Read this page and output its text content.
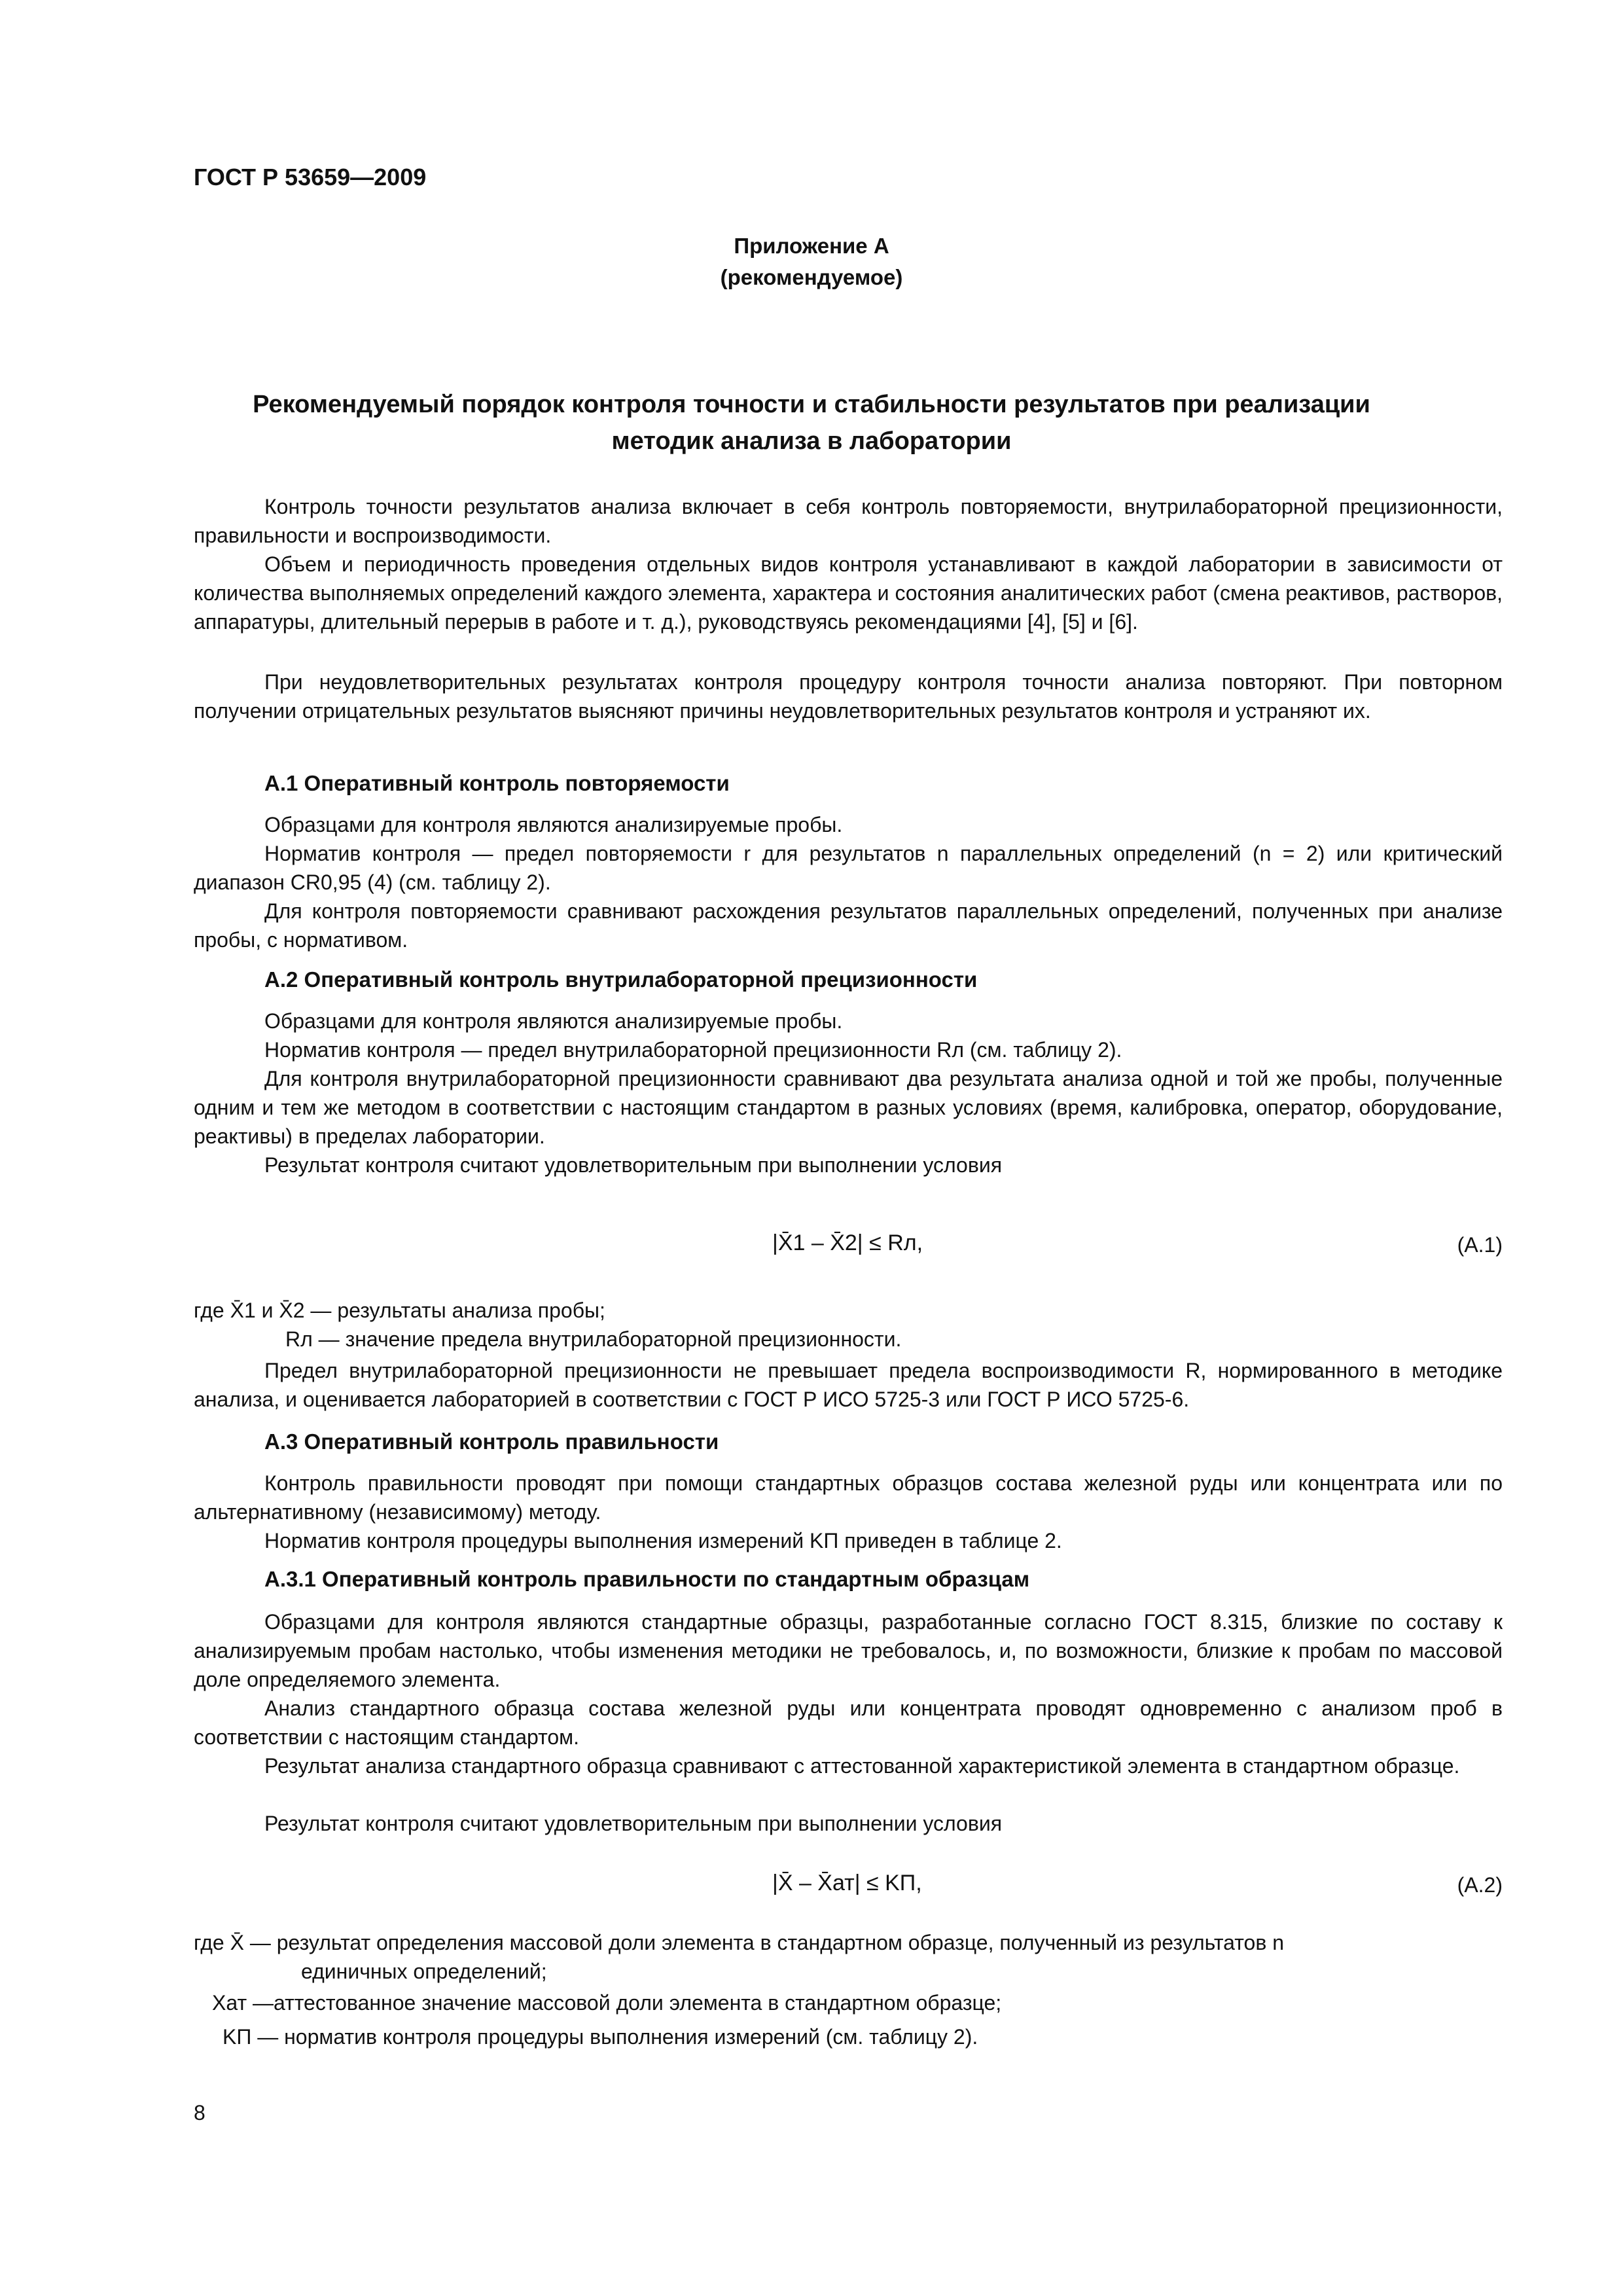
ГОСТ Р 53659—2009
Приложение А
(рекомендуемое)
Рекомендуемый порядок контроля точности и стабильности результатов при реализации
методик анализа в лаборатории

Контроль точности результатов анализа включает в себя контроль повторяемости, внутрилабораторной прецизионности, правильности и воспроизводимости.

Объем и периодичность проведения отдельных видов контроля устанавливают в каждой лаборатории в зависимости от количества выполняемых определений каждого элемента, характера и состояния аналитических работ (смена реактивов, растворов, аппаратуры, длительный перерыв в работе и т. д.), руководствуясь рекомендациями [4], [5] и [6].

При неудовлетворительных результатах контроля процедуру контроля точности анализа повторяют. При повторном получении отрицательных результатов выясняют причины неудовлетворительных результатов контроля и устраняют их.

А.1 Оперативный контроль повторяемости

Образцами для контроля являются анализируемые пробы.

Норматив контроля — предел повторяемости r для результатов n параллельных определений (n = 2) или критический диапазон CR0,95 (4) (см. таблицу 2).

Для контроля повторяемости сравнивают расхождения результатов параллельных определений, полученных при анализе пробы, с нормативом.

А.2 Оперативный контроль внутрилабораторной прецизионности

Образцами для контроля являются анализируемые пробы.

Норматив контроля — предел внутрилабораторной прецизионности Rл (см. таблицу 2).

Для контроля внутрилабораторной прецизионности сравнивают два результата анализа одной и той же пробы, полученные одним и тем же методом в соответствии с настоящим стандартом в разных условиях (время, калибровка, оператор, оборудование, реактивы) в пределах лаборатории.

Результат контроля считают удовлетворительным при выполнении условия

|X̄1 – X̄2| ≤ Rл,	(А.1)
где X̄1 и X̄2 — результаты анализа пробы;
Rл — значение предела внутрилабораторной прецизионности.

Предел внутрилабораторной прецизионности не превышает предела воспроизводимости R, нормированного в методике анализа, и оценивается лабораторией в соответствии с ГОСТ Р ИСО 5725-3 или ГОСТ Р ИСО 5725-6.

А.3 Оперативный контроль правильности

Контроль правильности проводят при помощи стандартных образцов состава железной руды или концентрата или по альтернативному (независимому) методу.

Норматив контроля процедуры выполнения измерений KП приведен в таблице 2.

А.3.1 Оперативный контроль правильности по стандартным образцам

Образцами для контроля являются стандартные образцы, разработанные согласно ГОСТ 8.315, близкие по составу к анализируемым пробам настолько, чтобы изменения методики не требовалось, и, по возможности, близкие к пробам по массовой доле определяемого элемента.

Анализ стандартного образца состава железной руды или концентрата проводят одновременно с анализом проб в соответствии с настоящим стандартом.

Результат анализа стандартного образца сравнивают с аттестованной характеристикой элемента в стандартном образце.

Результат контроля считают удовлетворительным при выполнении условия

|X̄ – X̄ат| ≤ KП,	(А.2)
где X̄ — результат определения массовой доли элемента в стандартном образце, полученный из результатов n
единичных определений;
Xат —аттестованное значение массовой доли элемента в стандартном образце;
KП — норматив контроля процедуры выполнения измерений (см. таблицу 2).
8
